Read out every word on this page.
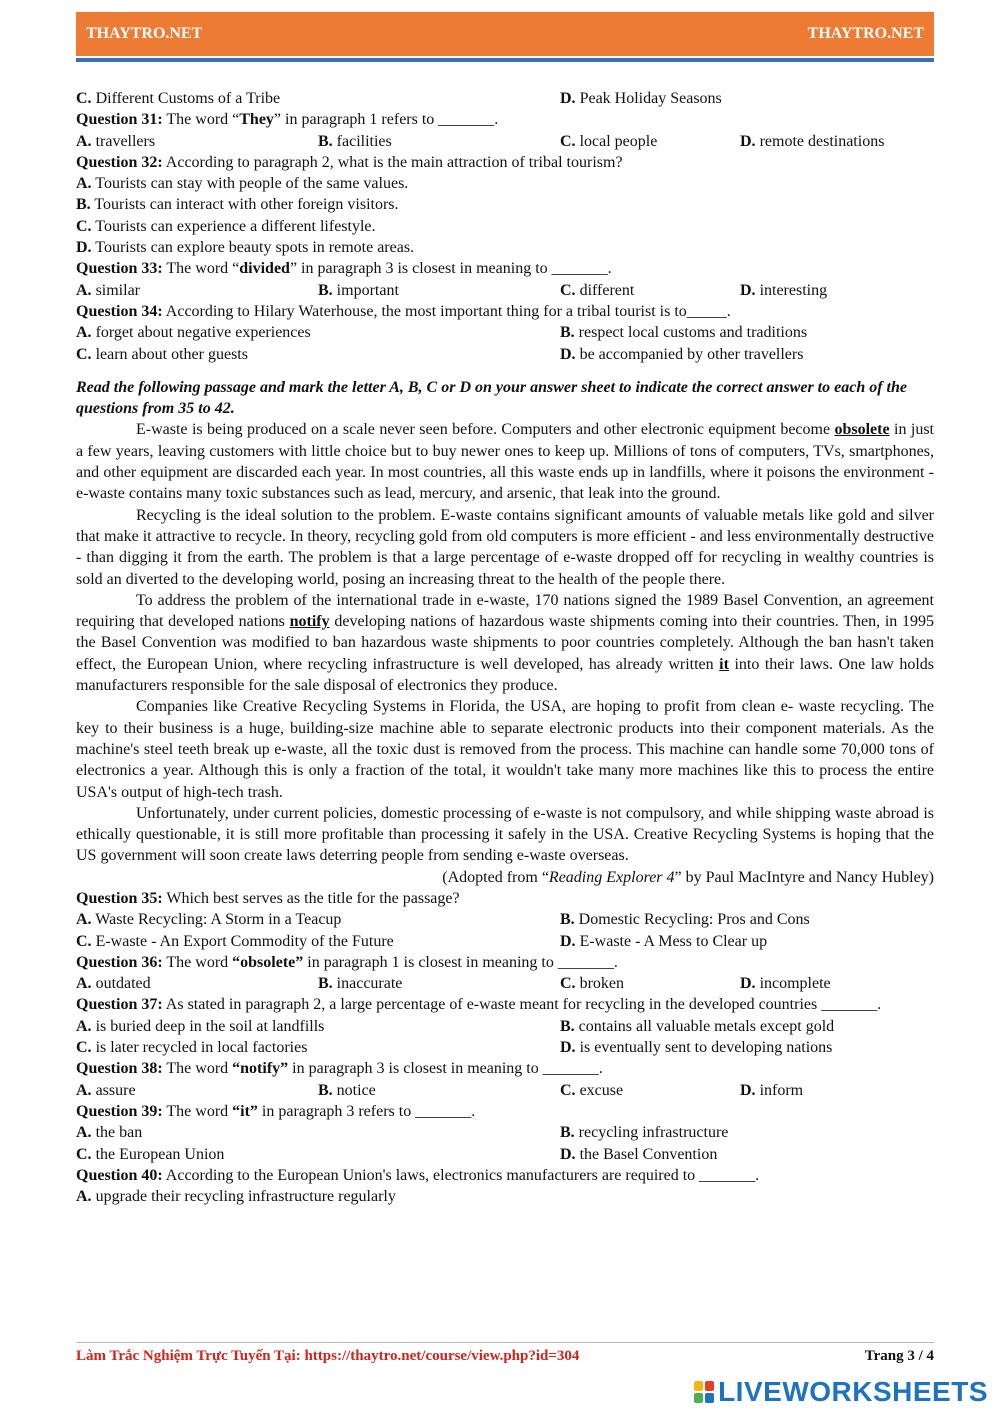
THAYTRO.NET	THAYTRO.NET
C. Different Customs of a Tribe	D. Peak Holiday Seasons
Question 31: The word “They” in paragraph 1 refers to _______.
A. travellers	B. facilities	C. local people	D. remote destinations
Question 32: According to paragraph 2, what is the main attraction of tribal tourism?
A. Tourists can stay with people of the same values.
B. Tourists can interact with other foreign visitors.
C. Tourists can experience a different lifestyle.
D. Tourists can explore beauty spots in remote areas.
Question 33: The word “divided” in paragraph 3 is closest in meaning to _______.
A. similar	B. important	C. different	D. interesting
Question 34: According to Hilary Waterhouse, the most important thing for a tribal tourist is to_____.
A. forget about negative experiences	B. respect local customs and traditions
C. learn about other guests	D. be accompanied by other travellers
Read the following passage and mark the letter A, B, C or D on your answer sheet to indicate the correct answer to each of the questions from 35 to 42.
E-waste is being produced on a scale never seen before. Computers and other electronic equipment become obsolete in just a few years, leaving customers with little choice but to buy newer ones to keep up. Millions of tons of computers, TVs, smartphones, and other equipment are discarded each year. In most countries, all this waste ends up in landfills, where it poisons the environment - e-waste contains many toxic substances such as lead, mercury, and arsenic, that leak into the ground.
Recycling is the ideal solution to the problem. E-waste contains significant amounts of valuable metals like gold and silver that make it attractive to recycle. In theory, recycling gold from old computers is more efficient - and less environmentally destructive - than digging it from the earth. The problem is that a large percentage of e-waste dropped off for recycling in wealthy countries is sold an diverted to the developing world, posing an increasing threat to the health of the people there.
To address the problem of the international trade in e-waste, 170 nations signed the 1989 Basel Convention, an agreement requiring that developed nations notify developing nations of hazardous waste shipments coming into their countries. Then, in 1995 the Basel Convention was modified to ban hazardous waste shipments to poor countries completely. Although the ban hasn't taken effect, the European Union, where recycling infrastructure is well developed, has already written it into their laws. One law holds manufacturers responsible for the sale disposal of electronics they produce.
Companies like Creative Recycling Systems in Florida, the USA, are hoping to profit from clean e- waste recycling. The key to their business is a huge, building-size machine able to separate electronic products into their component materials. As the machine's steel teeth break up e-waste, all the toxic dust is removed from the process. This machine can handle some 70,000 tons of electronics a year. Although this is only a fraction of the total, it wouldn't take many more machines like this to process the entire USA's output of high-tech trash.
Unfortunately, under current policies, domestic processing of e-waste is not compulsory, and while shipping waste abroad is ethically questionable, it is still more profitable than processing it safely in the USA. Creative Recycling Systems is hoping that the US government will soon create laws deterring people from sending e-waste overseas.
(Adopted from “Reading Explorer 4” by Paul MacIntyre and Nancy Hubley)
Question 35: Which best serves as the title for the passage?
A. Waste Recycling: A Storm in a Teacup	B. Domestic Recycling: Pros and Cons
C. E-waste - An Export Commodity of the Future	D. E-waste - A Mess to Clear up
Question 36: The word “obsolete” in paragraph 1 is closest in meaning to _______.
A. outdated	B. inaccurate	C. broken	D. incomplete
Question 37: As stated in paragraph 2, a large percentage of e-waste meant for recycling in the developed countries _______.
A. is buried deep in the soil at landfills	B. contains all valuable metals except gold
C. is later recycled in local factories	D. is eventually sent to developing nations
Question 38: The word “notify” in paragraph 3 is closest in meaning to _______.
A. assure	B. notice	C. excuse	D. inform
Question 39: The word “it” in paragraph 3 refers to _______.
A. the ban	B. recycling infrastructure
C. the European Union	D. the Basel Convention
Question 40: According to the European Union's laws, electronics manufacturers are required to _______.
A. upgrade their recycling infrastructure regularly
Làm Trắc Nghiệm Trực Tuyến Tại: https://thaytro.net/course/view.php?id=304	Trang 3 / 4
LIVEWORKSHEETS
